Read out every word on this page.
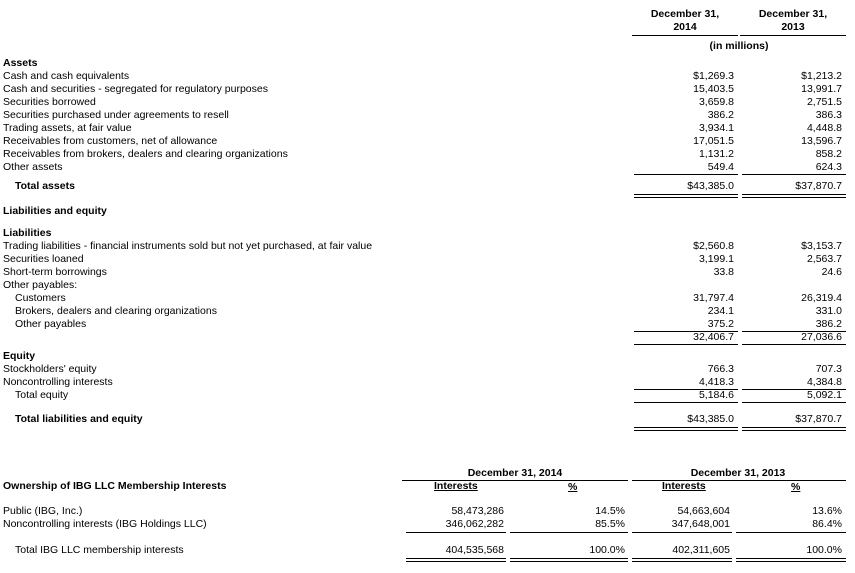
December 31,
2014
December 31,
2013
(in millions)
Assets
Cash and cash equivalents	$1,269.3	$1,213.2
Cash and securities - segregated for regulatory purposes	15,403.5	13,991.7
Securities borrowed	3,659.8	2,751.5
Securities purchased under agreements to resell	386.2	386.3
Trading assets, at fair value	3,934.1	4,448.8
Receivables from customers, net of allowance	17,051.5	13,596.7
Receivables from brokers, dealers and clearing organizations	1,131.2	858.2
Other assets	549.4	624.3
Total assets	$43,385.0	$37,870.7
Liabilities and equity
Liabilities
Trading liabilities - financial instruments sold but not yet purchased, at fair value	$2,560.8	$3,153.7
Securities loaned	3,199.1	2,563.7
Short-term borrowings	33.8	24.6
Other payables:
Customers	31,797.4	26,319.4
Brokers, dealers and clearing organizations	234.1	331.0
Other payables	375.2	386.2
32,406.7	27,036.6
Equity
Stockholders' equity	766.3	707.3
Noncontrolling interests	4,418.3	4,384.8
Total equity	5,184.6	5,092.1
Total liabilities and equity	$43,385.0	$37,870.7
December 31, 2014	December 31, 2013
Ownership of IBG LLC Membership Interests	Interests	%	Interests	%
Public (IBG, Inc.)	58,473,286	14.5%	54,663,604	13.6%
Noncontrolling interests (IBG Holdings LLC)	346,062,282	85.5%	347,648,001	86.4%
Total IBG LLC membership interests	404,535,568	100.0%	402,311,605	100.0%
